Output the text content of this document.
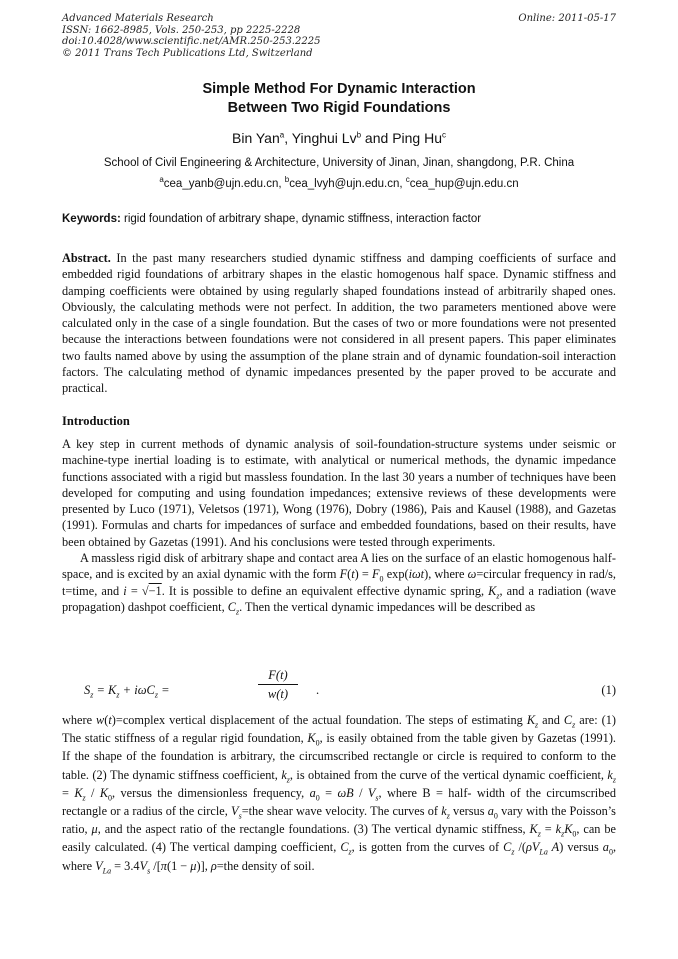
Advanced Materials Research
ISSN: 1662-8985, Vols. 250-253, pp 2225-2228
doi:10.4028/www.scientific.net/AMR.250-253.2225
© 2011 Trans Tech Publications Ltd, Switzerland
Online: 2011-05-17
Simple Method For Dynamic Interaction
Between Two Rigid Foundations
Bin Yan$^a$, Yinghui Lv$^b$ and Ping Hu$^c$
School of Civil Engineering & Architecture, University of Jinan, Jinan, shangdong, P.R. China
$^a$cea_yanb@ujn.edu.cn, $^b$cea_lvyh@ujn.edu.cn, $^c$cea_hup@ujn.edu.cn
Keywords: rigid foundation of arbitrary shape, dynamic stiffness, interaction factor
Abstract. In the past many researchers studied dynamic stiffness and damping coefficients of surface and embedded rigid foundations of arbitrary shapes in the elastic homogenous half space. Dynamic stiffness and damping coefficients were obtained by using regularly shaped foundations instead of arbitrarily shaped ones. Obviously, the calculating methods were not perfect. In addition, the two parameters mentioned above were calculated only in the case of a single foundation. But the cases of two or more foundations were not presented because the interactions between foundations were not considered in all present papers. This paper eliminates two faults named above by using the assumption of the plane strain and of dynamic foundation-soil interaction factors. The calculating method of dynamic impedances presented by the paper proved to be accurate and practical.
Introduction

A key step in current methods of dynamic analysis of soil-foundation-structure systems under seismic or machine-type inertial loading is to estimate, with analytical or numerical methods, the dynamic impedance functions associated with a rigid but massless foundation. In the last 30 years a number of techniques have been developed for computing and using foundation impedances; extensive reviews of these developments were presented by Luco (1971), Veletsos (1971), Wong (1976), Dobry (1986), Pais and Kausel (1988), and Gazetas (1991). Formulas and charts for impedances of surface and embedded foundations, based on their results, have been obtained by Gazetas (1991). And his conclusions were tested through experiments.

A massless rigid disk of arbitrary shape and contact area A lies on the surface of an elastic homogenous half-space, and is excited by an axial dynamic with the form $F(t) = F_0$ exp(iωt), where ω=circular frequency in rad/s, t=time, and i = √−1. It is possible to define an equivalent effective dynamic spring, $K_z$, and a radiation (wave propagation) dashpot coefficient, $C_z$. Then the vertical dynamic impedances will be described as

$S_z = K_z + i\omega C_z$ =	$\frac{F(t)}{w(t)}$ .	(1)
where w(t)=complex vertical displacement of the actual foundation. The steps of estimating $K_z$ and $C_z$ are: (1) The static stiffness of a regular rigid foundation, $K_0$, is easily obtained from the table given by Gazetas (1991). If the shape of the foundation is arbitrary, the circumscribed rectangle or circle is required to conform to the table. (2) The dynamic stiffness coefficient, $k_z$, is obtained from the curve of the vertical dynamic coefficient, $k_z = K_z / K_0$, versus the dimensionless frequency, $a_0 = \omega B / V_s$, where B = half- width of the circumscribed rectangle or a radius of the circle, $V_s=the$ shear wave velocity. The curves of $k_z$ versus $a_0$ vary with the Poisson’s ratio, μ, and the aspect ratio of the rectangle foundations. (3) The vertical dynamic stiffness, $K_z = k_zK_0$, can be easily calculated. (4) The vertical damping coefficient, $C_z$, is gotten from the curves of $C_z$ $/(\rho V_{La}$ A) versus $a_0$, where $V_{La} = 3.4V_s$ /[π(1 − μ)], ρ=the density of soil.
